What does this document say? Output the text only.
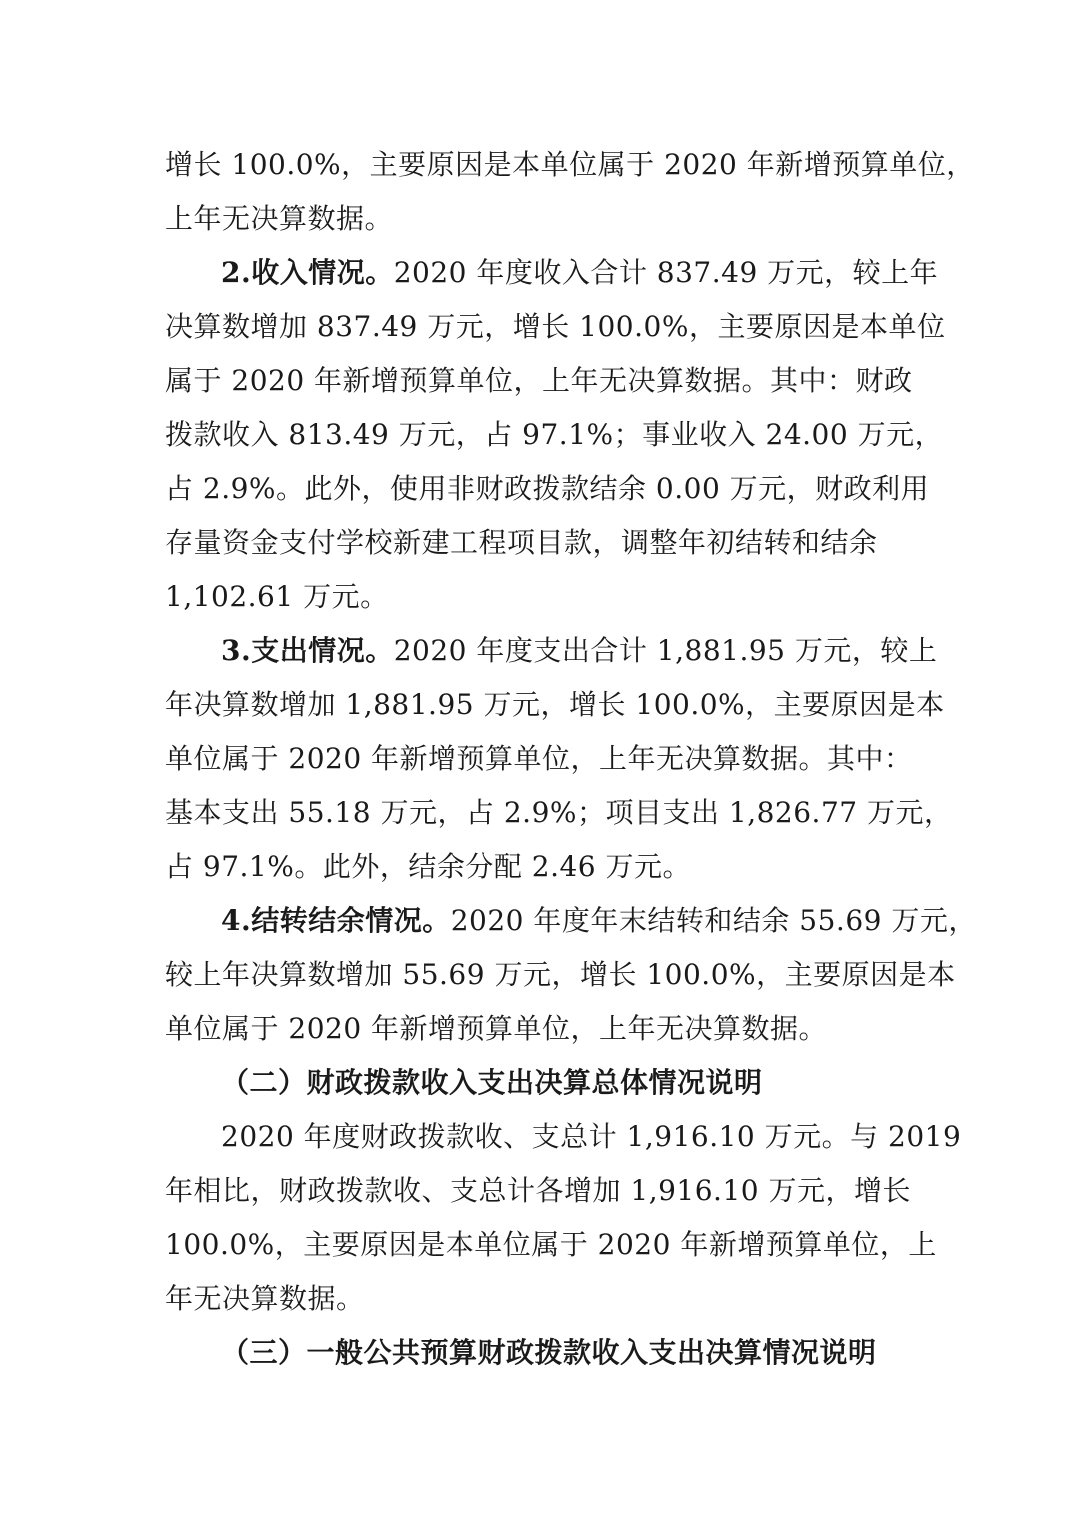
增长 100.0%，主要原因是本单位属于 2020 年新增预算单位，
上年无决算数据。
2.收入情况。2020 年度收入合计 837.49 万元，较上年
决算数增加 837.49 万元，增长 100.0%，主要原因是本单位
属于 2020 年新增预算单位，上年无决算数据。其中：财政
拨款收入 813.49 万元，占 97.1%；事业收入 24.00 万元，
占 2.9%。此外，使用非财政拨款结余 0.00 万元，财政利用
存量资金支付学校新建工程项目款，调整年初结转和结余
1,102.61 万元。
3.支出情况。2020 年度支出合计 1,881.95 万元，较上
年决算数增加 1,881.95 万元，增长 100.0%，主要原因是本
单位属于 2020 年新增预算单位，上年无决算数据。其中：
基本支出 55.18 万元，占 2.9%；项目支出 1,826.77 万元，
占 97.1%。此外，结余分配 2.46 万元。
4.结转结余情况。2020 年度年末结转和结余 55.69 万元，
较上年决算数增加 55.69 万元，增长 100.0%，主要原因是本
单位属于 2020 年新增预算单位，上年无决算数据。
（二）财政拨款收入支出决算总体情况说明
2020 年度财政拨款收、支总计 1,916.10 万元。与 2019
年相比，财政拨款收、支总计各增加 1,916.10 万元，增长
100.0%，主要原因是本单位属于 2020 年新增预算单位，上
年无决算数据。
（三）一般公共预算财政拨款收入支出决算情况说明
